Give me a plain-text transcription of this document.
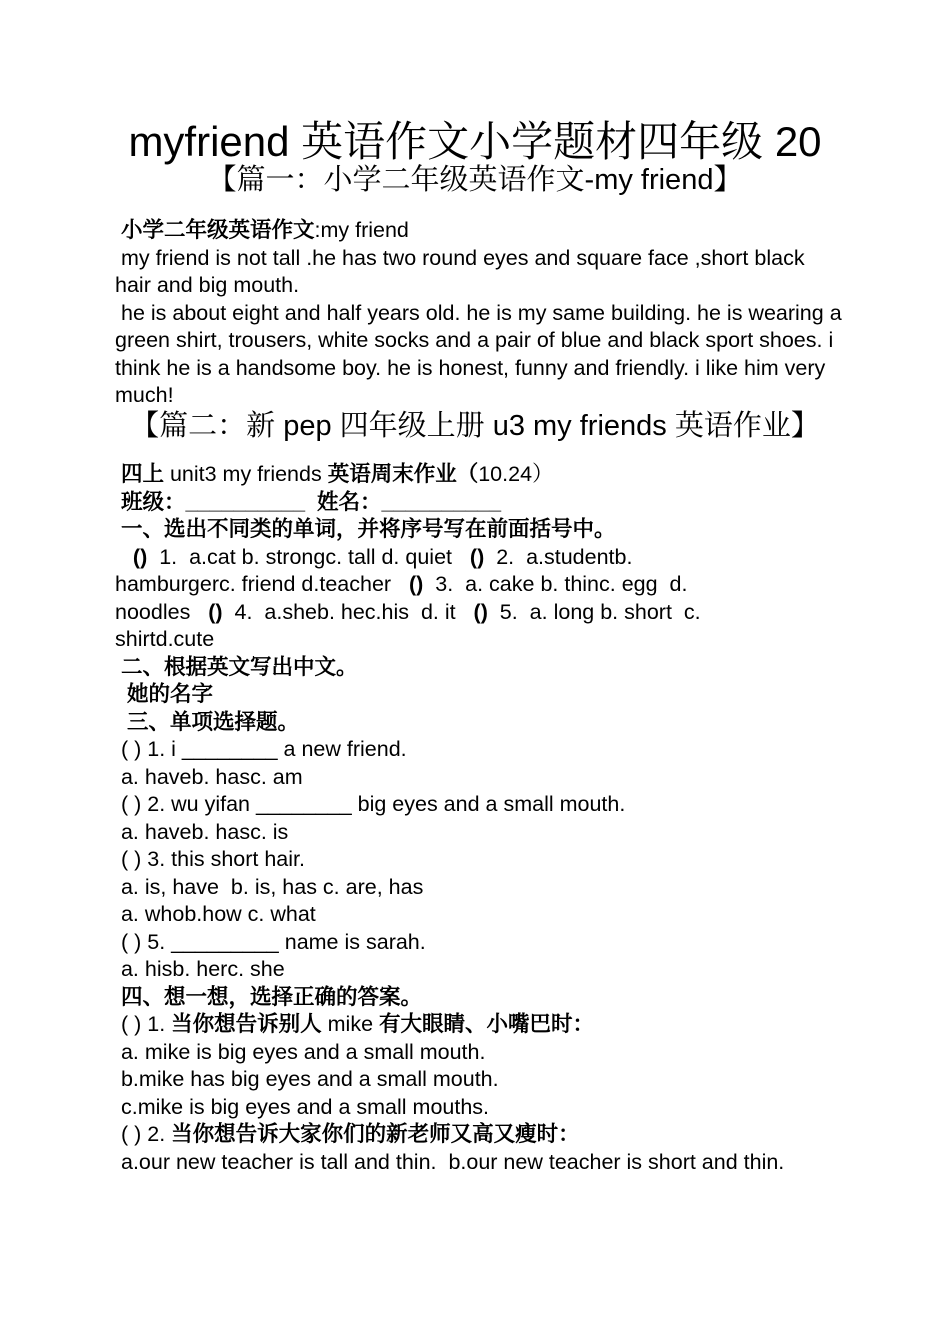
myfriend 英语作文小学题材四年级 20
【篇一：小学二年级英语作文-my friend】
小学二年级英语作文:my friend
my friend is not tall .he has two round eyes and square face ,short black hair and big mouth.
he is about eight and half years old. he is my same building. he is wearing a green shirt, trousers, white socks and a pair of blue and black sport shoes. i think he is a handsome boy. he is honest, funny and friendly. i like him very much!
【篇二：新 pep 四年级上册 u3 my friends 英语作业】
四上 unit3 my friends 英语周末作业（10.24）
班级：__________  姓名：__________
一、选出不同类的单词，并将序号写在前面括号中。
()  1.  a.cat b. strongc. tall d. quiet   ()  2.  a.studentb.
hamburgerc. friend d.teacher   ()  3.  a. cake b. thinc. egg  d.
noodles   ()  4.  a.sheb. hec.his  d. it   ()  5.  a. long b. short  c.
shirtd.cute
二、根据英文写出中文。
她的名字
三、单项选择题。
( ) 1. i ________ a new friend.
a. haveb. hasc. am
( ) 2. wu yifan ________ big eyes and a small mouth.
a. haveb. hasc. is
( ) 3. this short hair.
a. is, have  b. is, has c. are, has
a. whob.how c. what
( ) 5. _________ name is sarah.
a. hisb. herc. she
四、想一想，选择正确的答案。
( ) 1. 当你想告诉别人 mike 有大眼睛、小嘴巴时：
a. mike is big eyes and a small mouth.
b.mike has big eyes and a small mouth.
c.mike is big eyes and a small mouths.
( ) 2. 当你想告诉大家你们的新老师又高又瘦时：
a.our new teacher is tall and thin.  b.our new teacher is short and thin.
